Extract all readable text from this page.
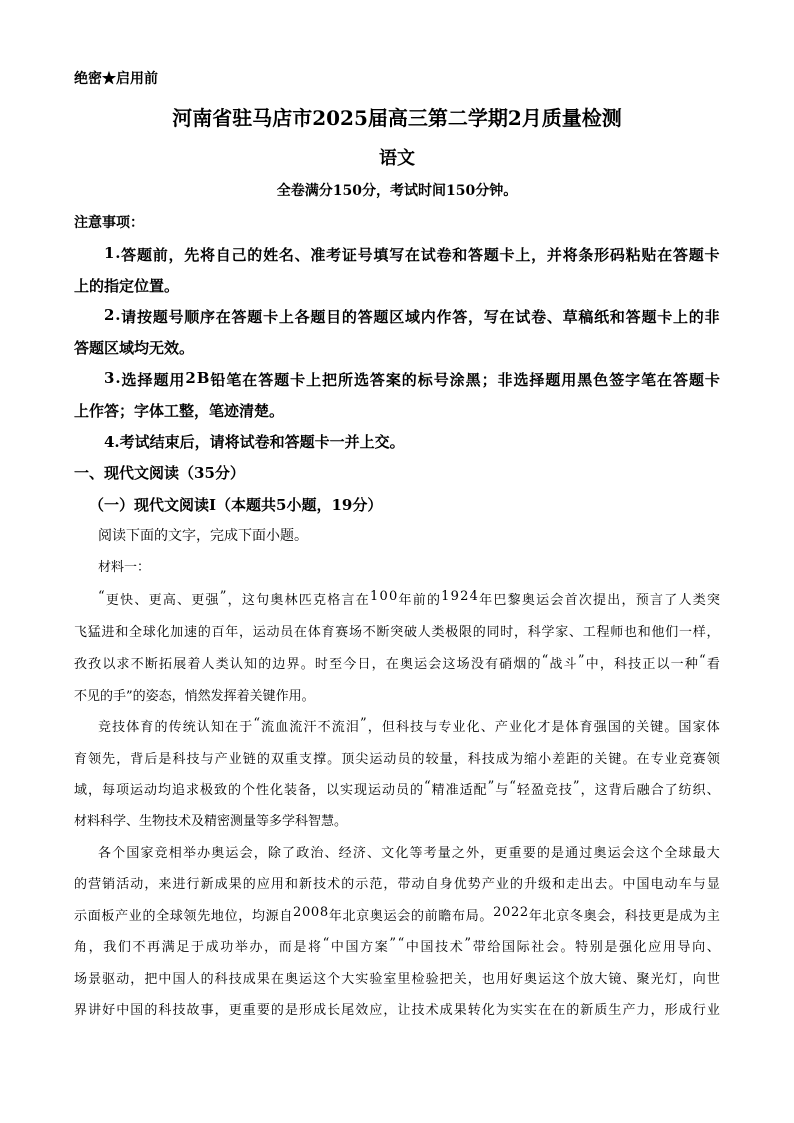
绝密★启用前
河南省驻马店市2025届高三第二学期2月质量检测
语文
全卷满分150分，考试时间150分钟。
注意事项：
1 . 答 题 前 ， 先 将 自 己 的 姓 名 、 准 考 证 号 填 写 在 试 卷 和 答 题 卡 上 ， 并 将 条 形 码 粘 贴 在 答 题 卡
上的指定位置。
2 . 请 按 题 号 顺 序 在 答 题 卡 上 各 题 目 的 答 题 区 域 内 作 答 ， 写 在 试 卷 、 草 稿 纸 和 答 题 卡 上 的 非
答题区域均无效。
3 . 选 择 题 用 2 B 铅 笔 在 答 题 卡 上 把 所 选 答 案 的 标 号 涂 黑 ； 非 选 择 题 用 黑 色 签 字 笔 在 答 题 卡
上作答；字体工整，笔迹清楚。
4.考试结束后，请将试卷和答题卡一并上交。
一、现代文阅读（35分）
（一）现代文阅读Ⅰ（本题共5小题，19分）
阅读下面的文字，完成下面小题。
材料一：
“ 更 快 、 更 高 、 更 强 ” ， 这 句 奥 林 匹 克 格 言 在 1 0 0 年 前 的 1 9 2 4 年 巴 黎 奥 运 会 首 次 提 出 ， 预 言 了 人 类 突
飞 猛 进 和 全 球 化 加 速 的 百 年 ， 运 动 员 在 体 育 赛 场 不 断 突 破 人 类 极 限 的 同 时 ， 科 学 家 、 工 程 师 也 和 他 们 一 样 ，
孜 孜 以 求 不 断 拓 展 着 人 类 认 知 的 边 界 。 时 至 今 日 ， 在 奥 运 会 这 场 没 有 硝 烟 的 “ 战 斗 ” 中 ， 科 技 正 以 一 种 “ 看
不见的手”的姿态，悄然发挥着关键作用。
竞 技 体 育 的 传 统 认 知 在 于 “ 流 血 流 汗 不 流 泪 ” ， 但 科 技 与 专 业 化 、 产 业 化 才 是 体 育 强 国 的 关 键 。 国 家 体
育 领 先 ， 背 后 是 科 技 与 产 业 链 的 双 重 支 撑 。 顶 尖 运 动 员 的 较 量 ， 科 技 成 为 缩 小 差 距 的 关 键 。 在 专 业 竞 赛 领
域 ， 每 项 运 动 均 追 求 极 致 的 个 性 化 装 备 ， 以 实 现 运 动 员 的 “ 精 准 适 配 ” 与 “ 轻 盈 竞 技 ” ， 这 背 后 融 合 了 纺 织 、
材料科学、生物技术及精密测量等多学科智慧。
各 个 国 家 竞 相 举 办 奥 运 会 ， 除 了 政 治 、 经 济 、 文 化 等 考 量 之 外 ， 更 重 要 的 是 通 过 奥 运 会 这 个 全 球 最 大
的 营 销 活 动 ， 来 进 行 新 成 果 的 应 用 和 新 技 术 的 示 范 ， 带 动 自 身 优 势 产 业 的 升 级 和 走 出 去 。 中 国 电 动 车 与 显
示 面 板 产 业 的 全 球 领 先 地 位 ， 均 源 自 2 0 0 8 年 北 京 奥 运 会 的 前 瞻 布 局 。 2 0 2 2 年 北 京 冬 奥 会 ， 科 技 更 是 成 为 主
角 ， 我 们 不 再 满 足 于 成 功 举 办 ， 而 是 将 “ 中 国 方 案 ” “ 中 国 技 术 ” 带 给 国 际 社 会 。 特 别 是 强 化 应 用 导 向 、
场 景 驱 动 ， 把 中 国 人 的 科 技 成 果 在 奥 运 这 个 大 实 验 室 里 检 验 把 关 ， 也 用 好 奥 运 这 个 放 大 镜 、 聚 光 灯 ， 向 世
界 讲 好 中 国 的 科 技 故 事 ， 更 重 要 的 是 形 成 长 尾 效 应 ， 让 技 术 成 果 转 化 为 实 实 在 在 的 新 质 生 产 力 ， 形 成 行 业
